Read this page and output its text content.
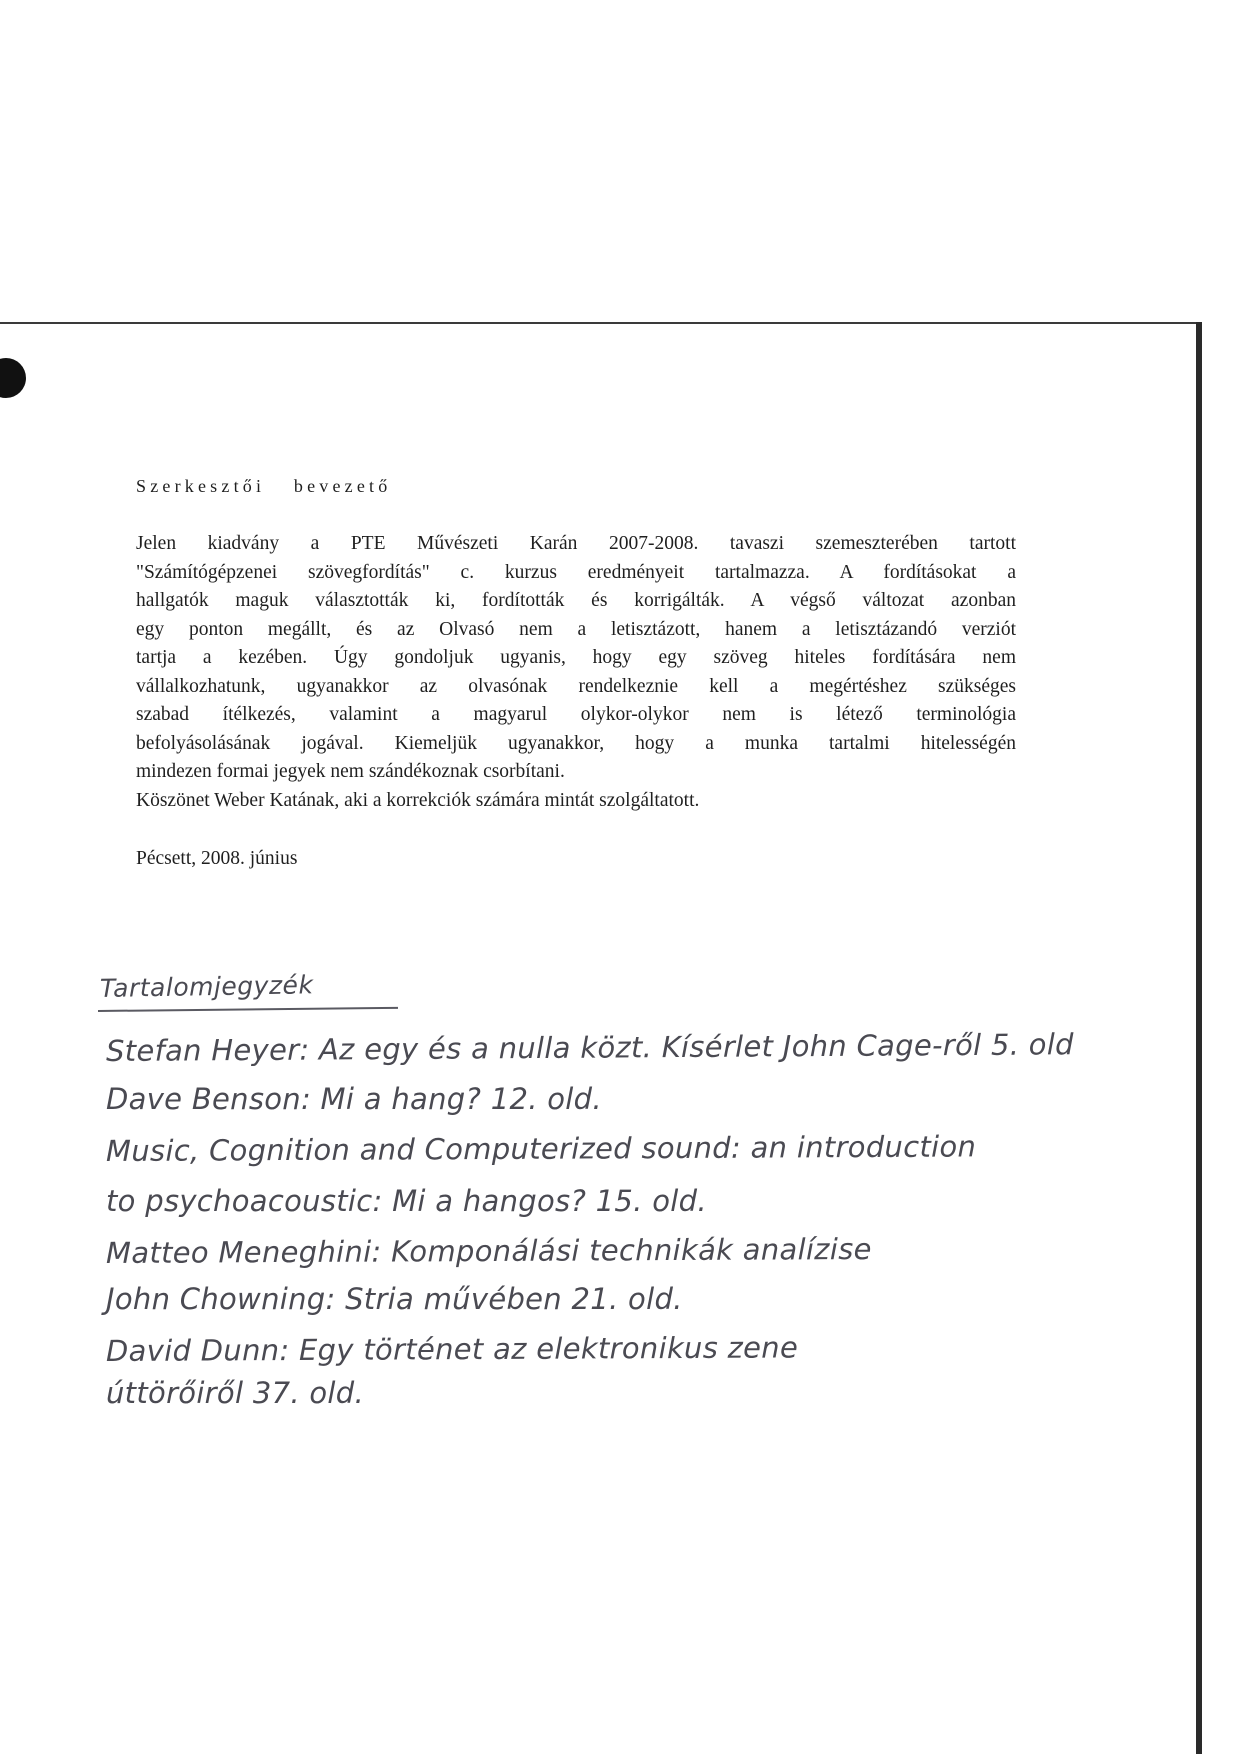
Szerkesztői bevezető
Jelen kiadvány a PTE Művészeti Karán 2007-2008. tavaszi szemeszterében tartott
"Számítógépzenei szövegfordítás" c. kurzus eredményeit tartalmazza. A fordításokat a
hallgatók maguk választották ki, fordították és korrigálták. A végső változat azonban
egy ponton megállt, és az Olvasó nem a letisztázott, hanem a letisztázandó verziót
tartja a kezében. Úgy gondoljuk ugyanis, hogy egy szöveg hiteles fordítására nem
vállalkozhatunk, ugyanakkor az olvasónak rendelkeznie kell a megértéshez szükséges
szabad ítélkezés, valamint a magyarul olykor-olykor nem is létező terminológia
befolyásolásának jogával. Kiemeljük ugyanakkor, hogy a munka tartalmi hitelességén
mindezen formai jegyek nem szándékoznak csorbítani.
Köszönet Weber Katának, aki a korrekciók számára mintát szolgáltatott.

Pécsett, 2008. június

Tartalomjegyzék

Stefan Heyer: Az egy és a nulla közt. Kísérlet John Cage-ről 5. old

Dave Benson: Mi a hang? 12. old.

Music, Cognition and Computerized sound: an introduction

to psychoacoustic: Mi a hangos? 15. old.

Matteo Meneghini: Komponálási technikák analízise

John Chowning: Stria művében 21. old.

David Dunn: Egy történet az elektronikus zene

úttörőiről 37. old.
